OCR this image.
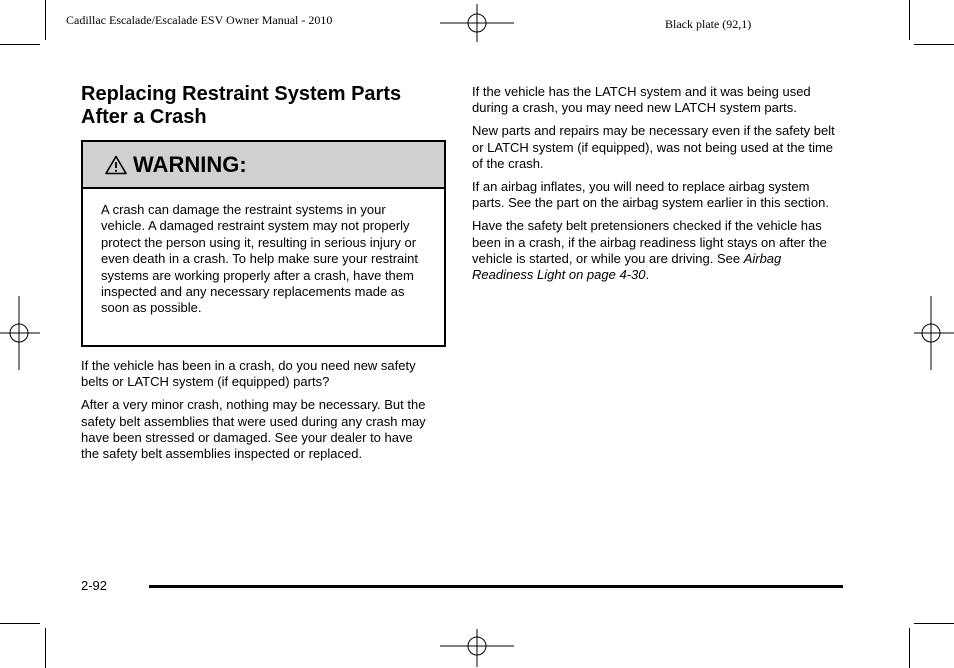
Cadillac Escalade/Escalade ESV Owner Manual - 2010	Black plate (92,1)
Replacing Restraint System Parts After a Crash
WARNING:
A crash can damage the restraint systems in your vehicle. A damaged restraint system may not properly protect the person using it, resulting in serious injury or even death in a crash. To help make sure your restraint systems are working properly after a crash, have them inspected and any necessary replacements made as soon as possible.

If the vehicle has been in a crash, do you need new safety belts or LATCH system (if equipped) parts?

After a very minor crash, nothing may be necessary. But the safety belt assemblies that were used during any crash may have been stressed or damaged. See your dealer to have the safety belt assemblies inspected or replaced.

If the vehicle has the LATCH system and it was being used during a crash, you may need new LATCH system parts.

New parts and repairs may be necessary even if the safety belt or LATCH system (if equipped), was not being used at the time of the crash.

If an airbag inflates, you will need to replace airbag system parts. See the part on the airbag system earlier in this section.

Have the safety belt pretensioners checked if the vehicle has been in a crash, if the airbag readiness light stays on after the vehicle is started, or while you are driving. See Airbag Readiness Light on page 4‑30.

2-92
